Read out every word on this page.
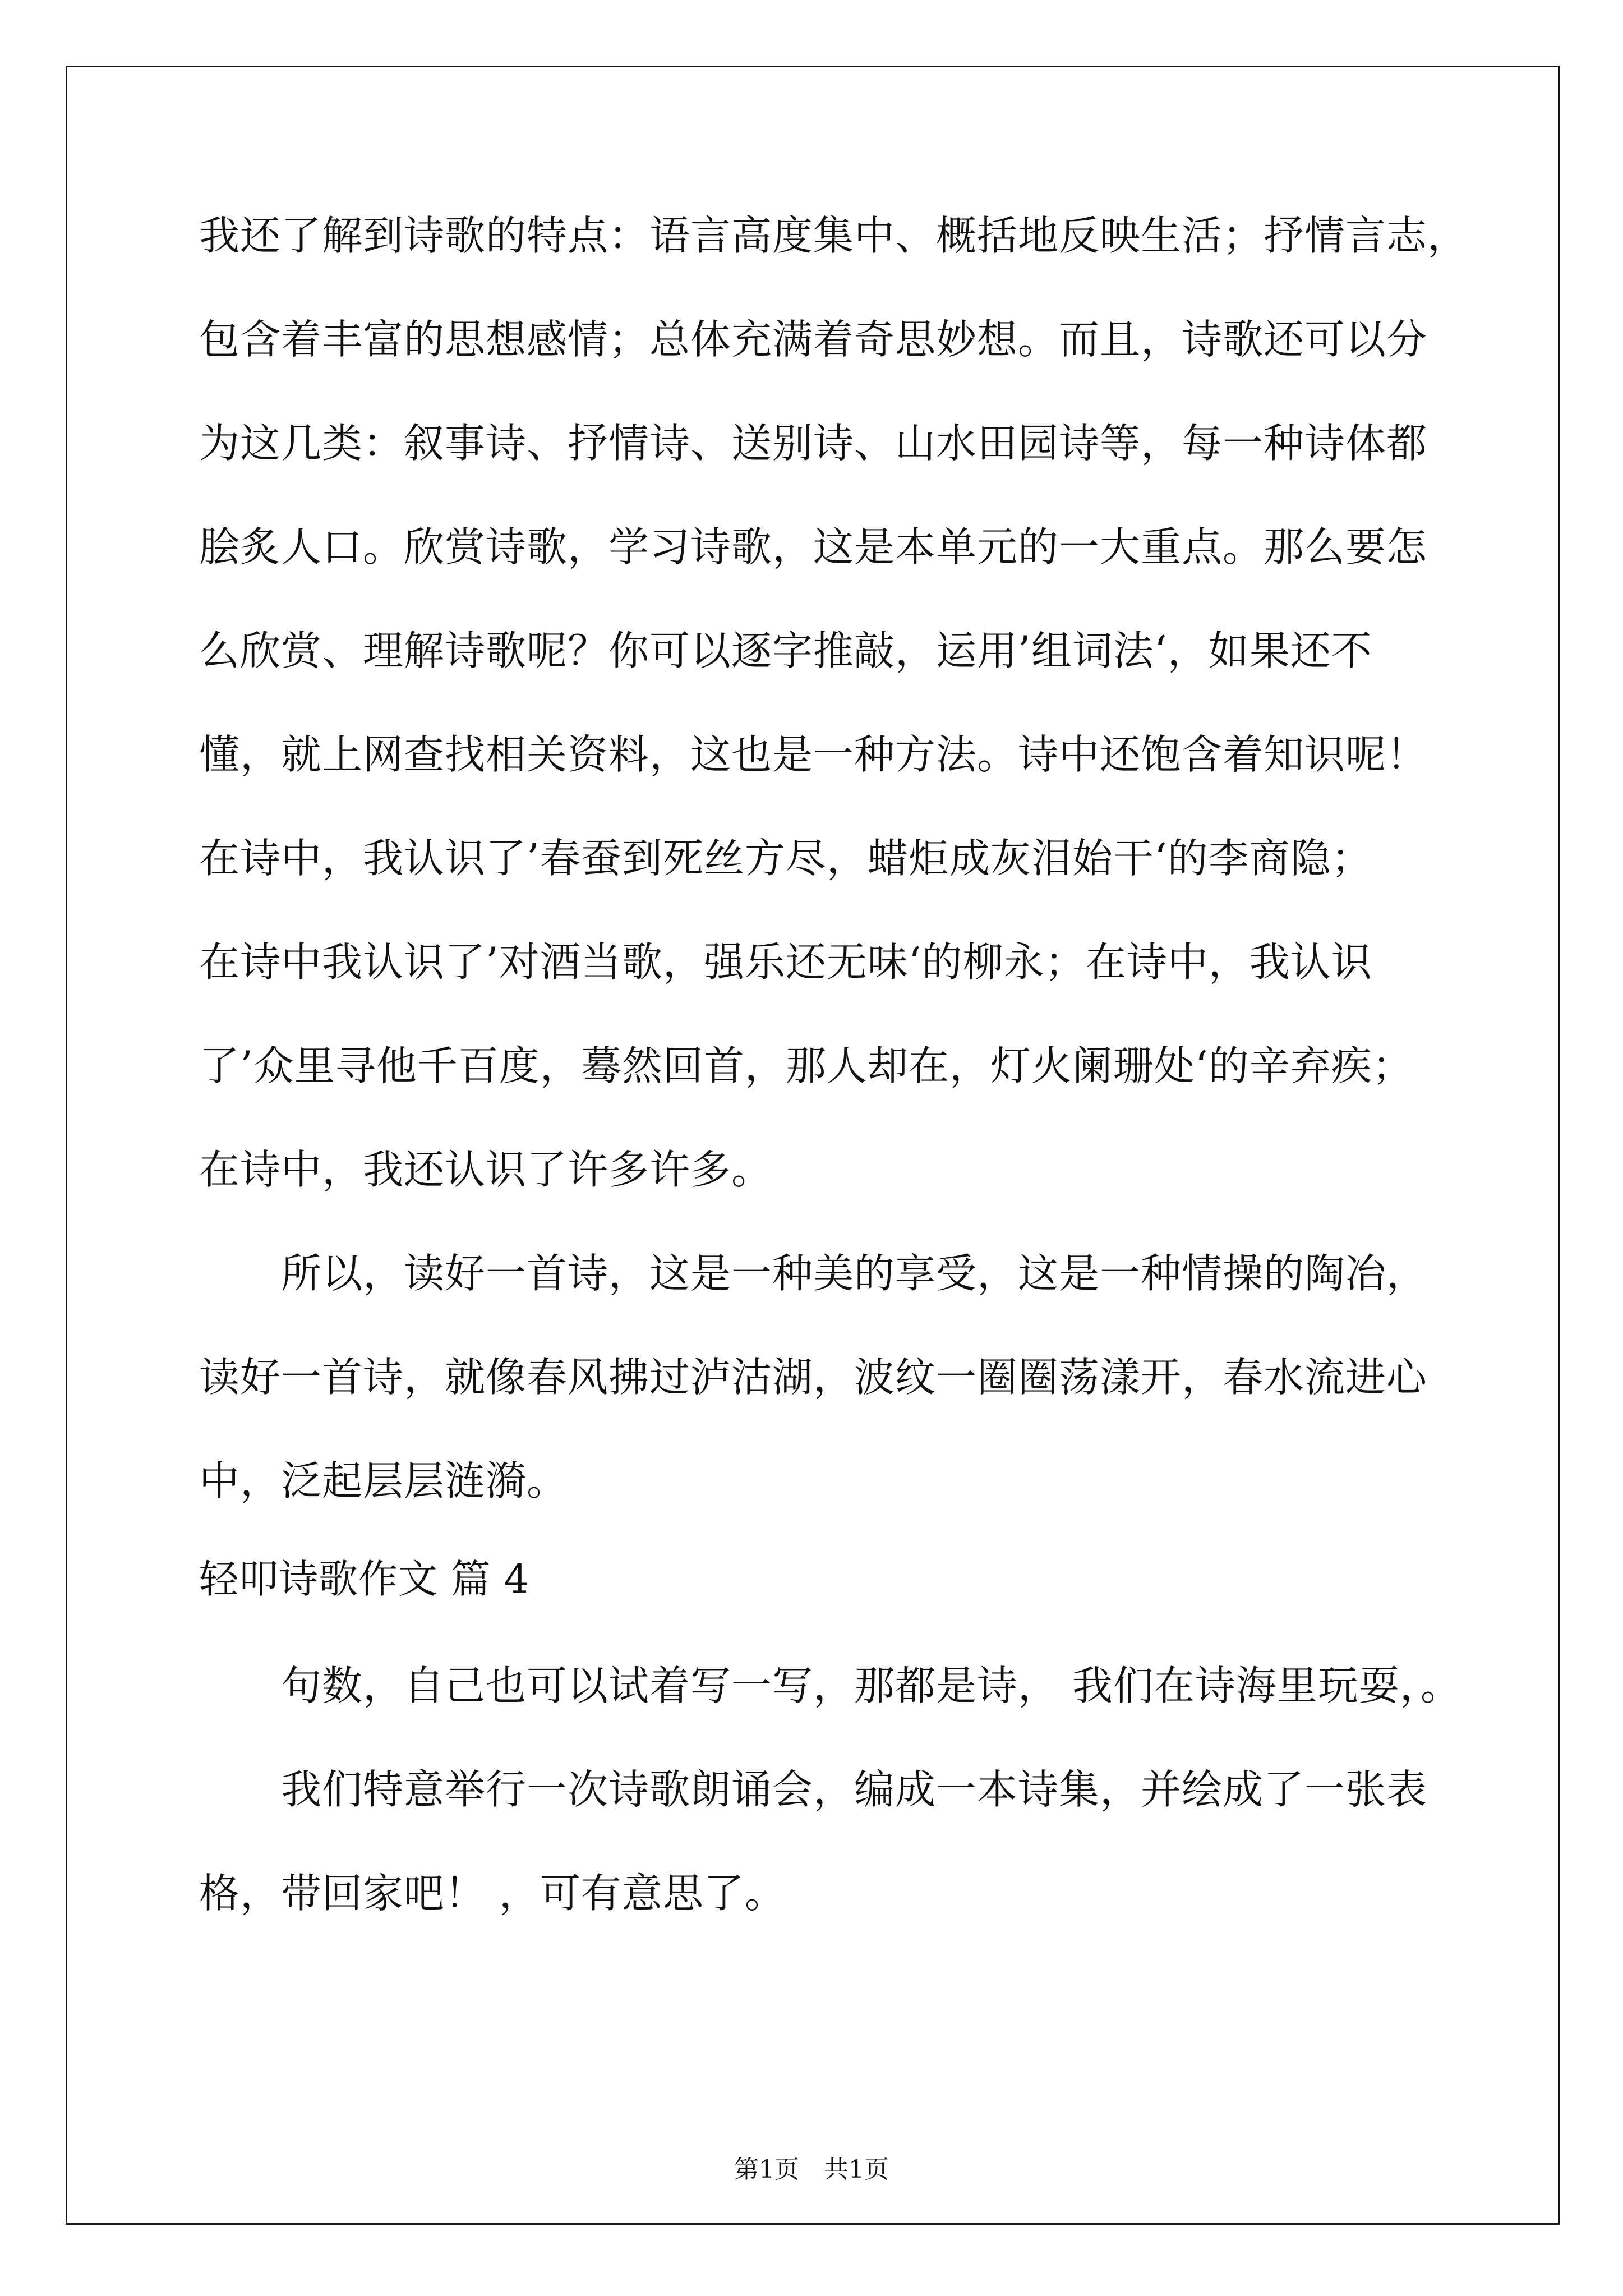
我还了解到诗歌的特点：语言高度集中、概括地反映生活；抒情言志，
包含着丰富的思想感情；总体充满着奇思妙想。而且，诗歌还可以分
为这几类：叙事诗、抒情诗、送别诗、山水田园诗等，每一种诗体都
脍炙人口。欣赏诗歌，学习诗歌，这是本单元的一大重点。那么要怎
么欣赏、理解诗歌呢？你可以逐字推敲，运用’组词法‘，如果还不
懂，就上网查找相关资料，这也是一种方法。诗中还饱含着知识呢！
在诗中，我认识了’春蚕到死丝方尽，蜡炬成灰泪始干‘的李商隐；
在诗中我认识了’对酒当歌，强乐还无味‘的柳永；在诗中，我认识
了’众里寻他千百度，蓦然回首，那人却在，灯火阑珊处‘的辛弃疾；
在诗中，我还认识了许多许多。
所以，读好一首诗，这是一种美的享受，这是一种情操的陶冶，
读好一首诗，就像春风拂过泸沽湖，波纹一圈圈荡漾开，春水流进心
中，泛起层层涟漪。
轻叩诗歌作文 篇 4
句数，自己也可以试着写一写，那都是诗， 我们在诗海里玩耍，。
我们特意举行一次诗歌朗诵会，编成一本诗集，并绘成了一张表
格，带回家吧！ ，可有意思了。
第1页　共1页
